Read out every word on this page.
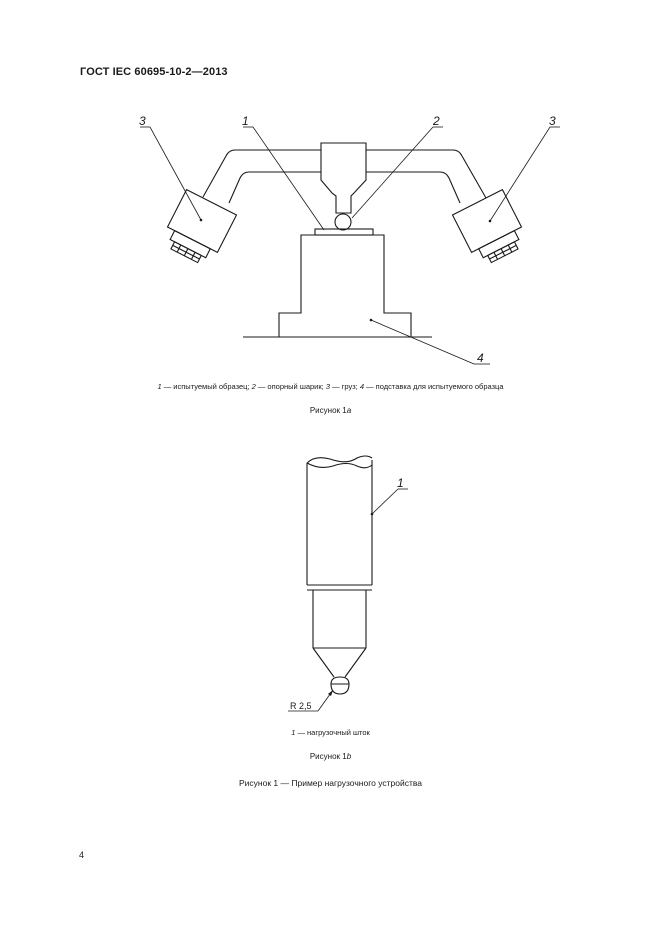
ГОСТ IEC 60695-10-2—2013
3	1	2	3
4
1 — испытуемый образец; 2 — опорный шарик; 3 — груз; 4 — подставка для испытуемого образца
Рисунок 1a
1
R 2,5
1 — нагрузочный шток
Рисунок 1b
Рисунок 1 — Пример нагрузочного устройства
4
